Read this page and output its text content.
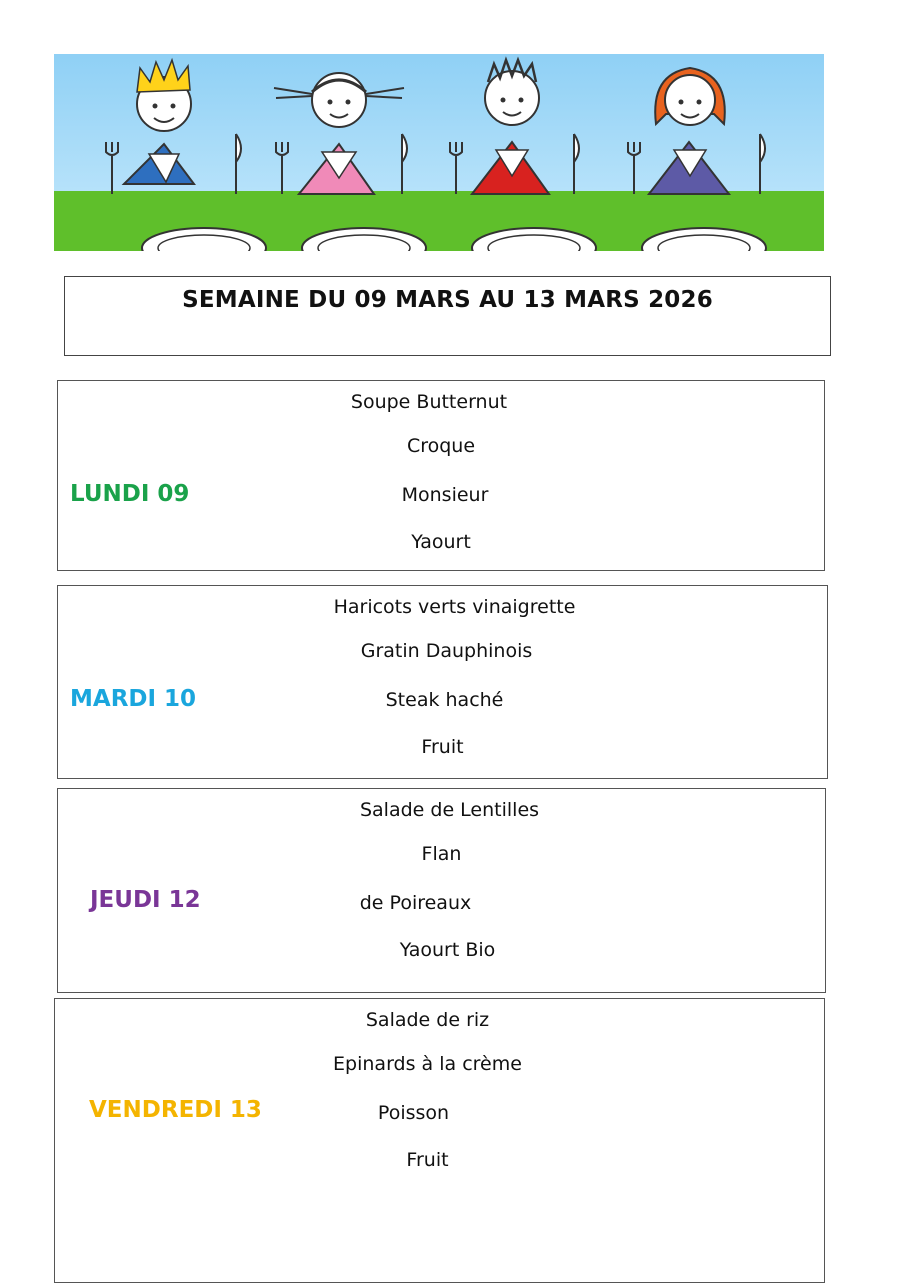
SEMAINE DU 09 MARS AU 13 MARS 2026
LUNDI 09
Soupe Butternut
Croque
Monsieur
Yaourt
MARDI 10
Haricots verts vinaigrette
Gratin Dauphinois
Steak haché
Fruit
JEUDI 12
Salade de Lentilles
Flan
de Poireaux
Yaourt Bio
VENDREDI 13
Salade de riz
Epinards à la crème
Poisson
Fruit
